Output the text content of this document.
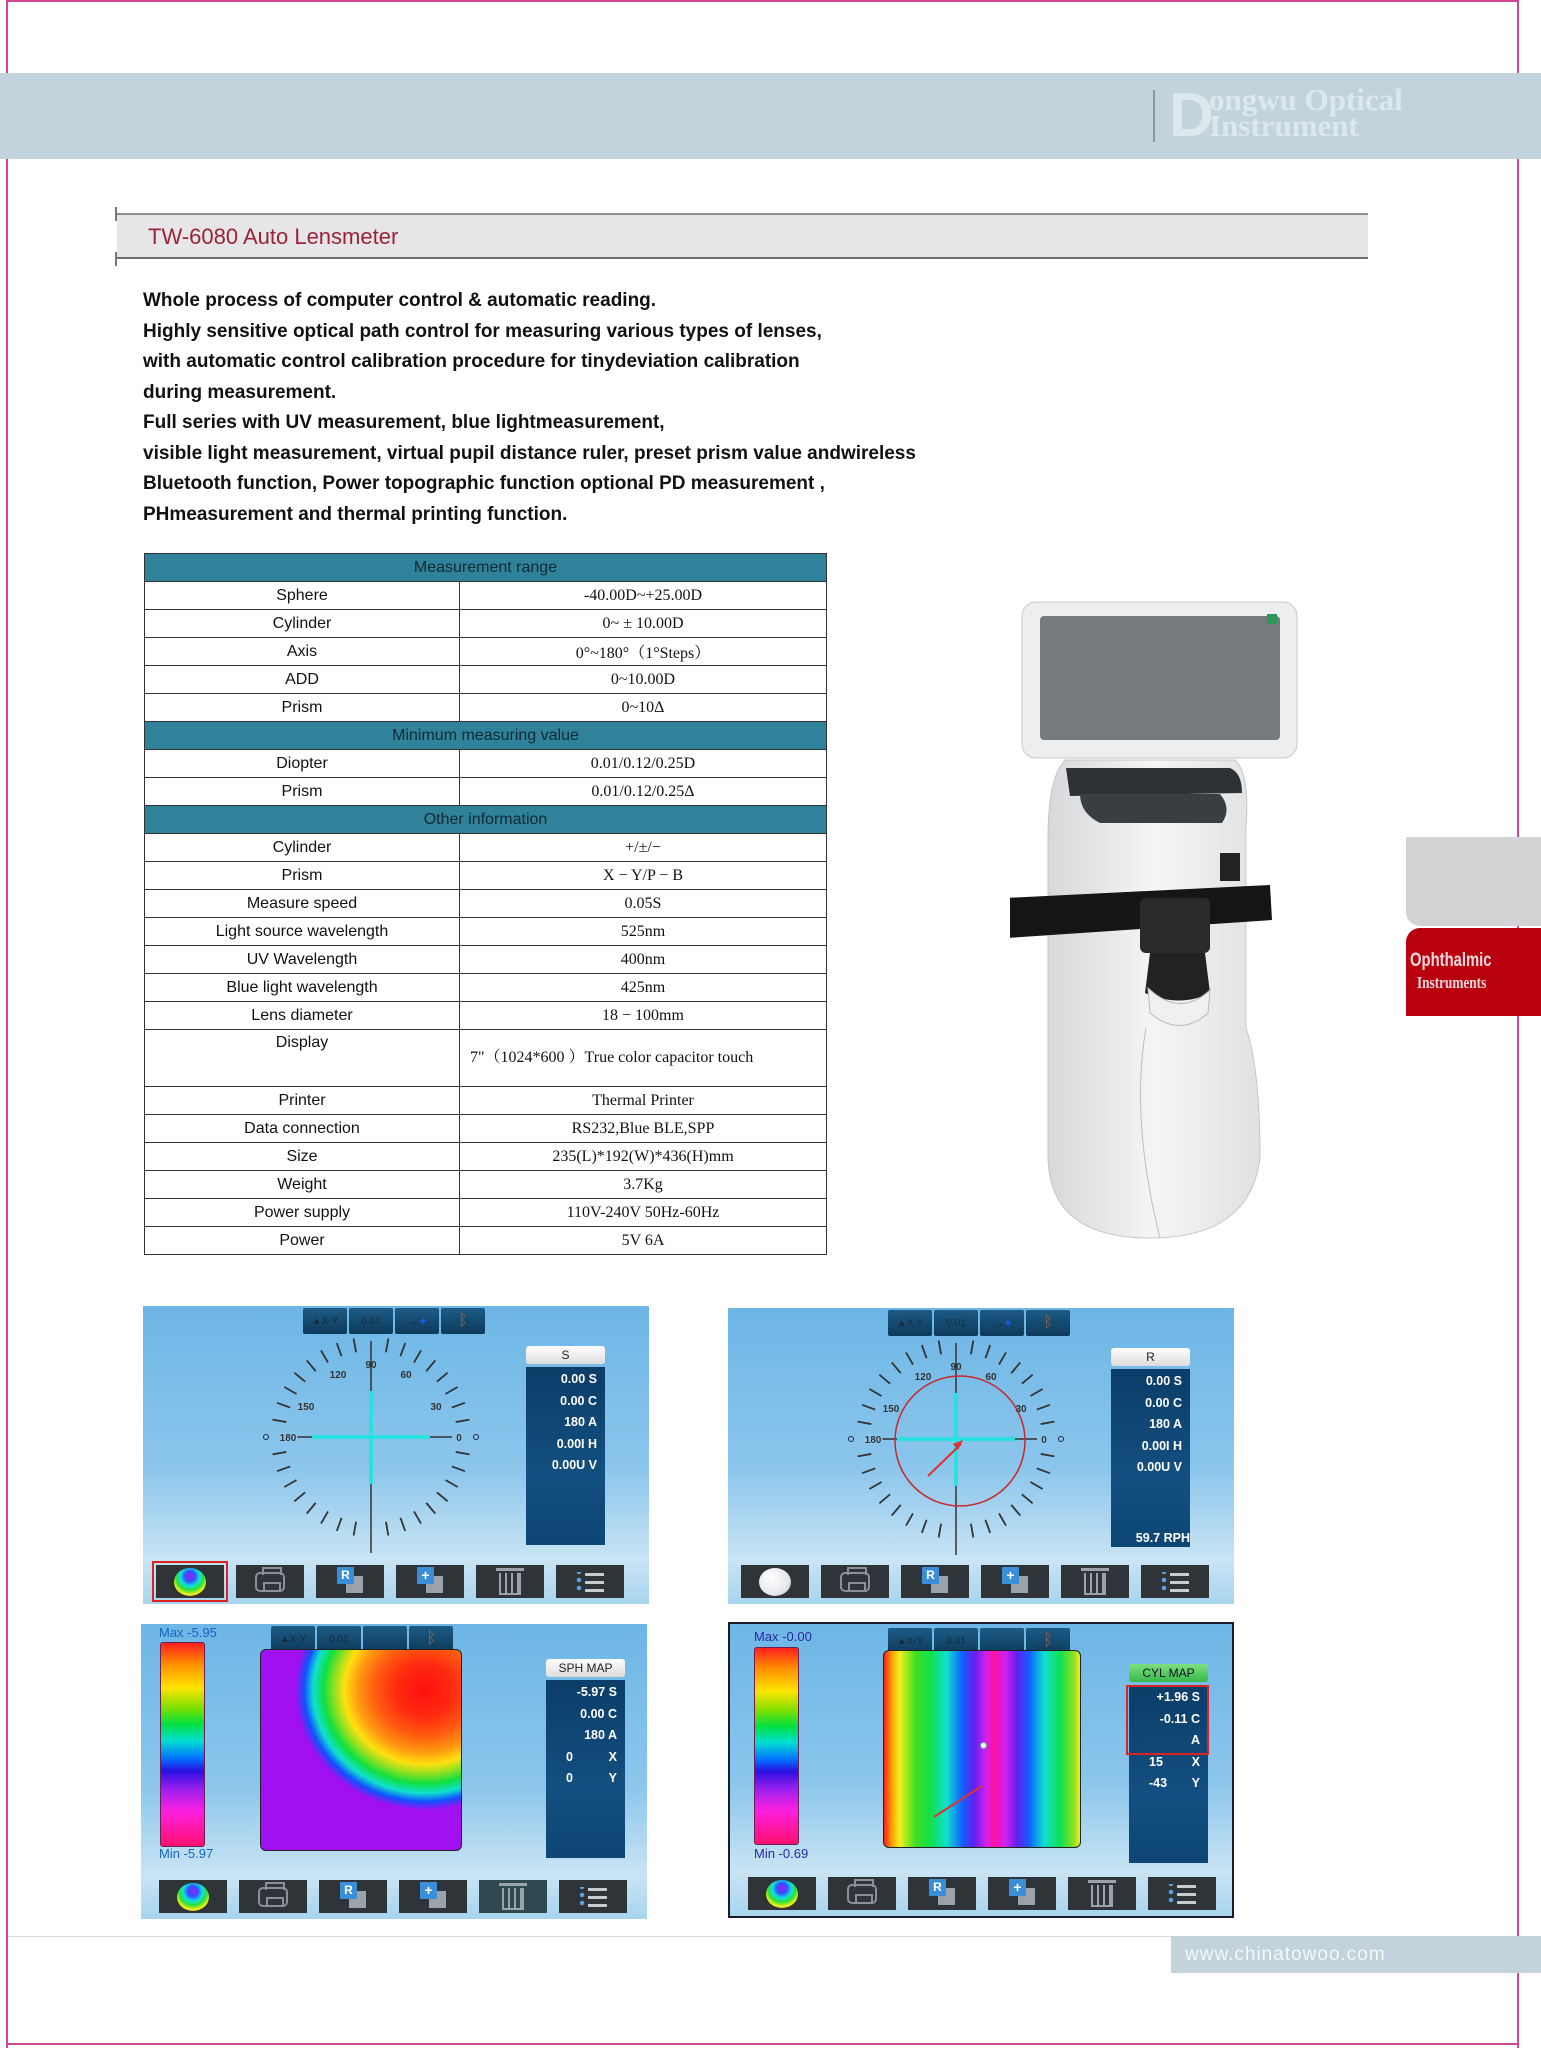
D
ongwu Optical
Instrument
TW-6080 Auto Lensmeter
Whole process of computer control & automatic reading.
Highly sensitive optical path control for measuring various types of lenses,
with automatic control calibration procedure for tinydeviation calibration
during measurement.
Full series with UV measurement, blue lightmeasurement,
visible light measurement, virtual pupil distance ruler, preset prism value andwireless
Bluetooth function, Power topographic function optional PD measurement ,
PHmeasurement and thermal printing function.
Measurement range	
Sphere	-40.00D~+25.00D
Cylinder	0~ ± 10.00D
Axis	0°~180°（1°Steps）
ADD	0~10.00D
Prism	0~10Δ
Minimum measuring value	
Diopter	0.01/0.12/0.25D
Prism	0.01/0.12/0.25Δ
Other information	
Cylinder	+/±/−
Prism	X − Y/P − B
Measure speed	0.05S
Light source wavelength	525nm
UV Wavelength	400nm
Blue light wavelength	425nm
Lens diameter	18 − 100mm
Display	7"（1024*600 ）True color capacitor touch
Printer	Thermal Printer
Data connection	RS232,Blue BLE,SPP
Size	235(L)*192(W)*436(H)mm
Weight	3.7Kg
Power supply	110V-240V 50Hz-60Hz
Power	5V 6A
Ophthalmic
Instruments
▲X-Y	0.01	→ + ᛒ
90
120	60
150	30
180	0
S
0.00 S
0.00 C
180 A
0.00I H
0.00U V
R	+
▲X-Y	0.01	→ + ᛒ
90
120	60
150	30
180	0
R
0.00 S
0.00 C
180 A
0.00I H
0.00U V
59.7 RPH
R	+
▲X-Y	0.01	ᛒ
Max -5.95
Min -5.97
SPH MAP
-5.97 S
0.00 C
180 A
0	X
0	Y
R	+
▲X-Y	0.01	ᛒ
Max -0.00
Min -0.69
CYL MAP
+1.96 S
-0.11 C
A
15 X
-43 Y
R	+
www.chinatowoo.com
